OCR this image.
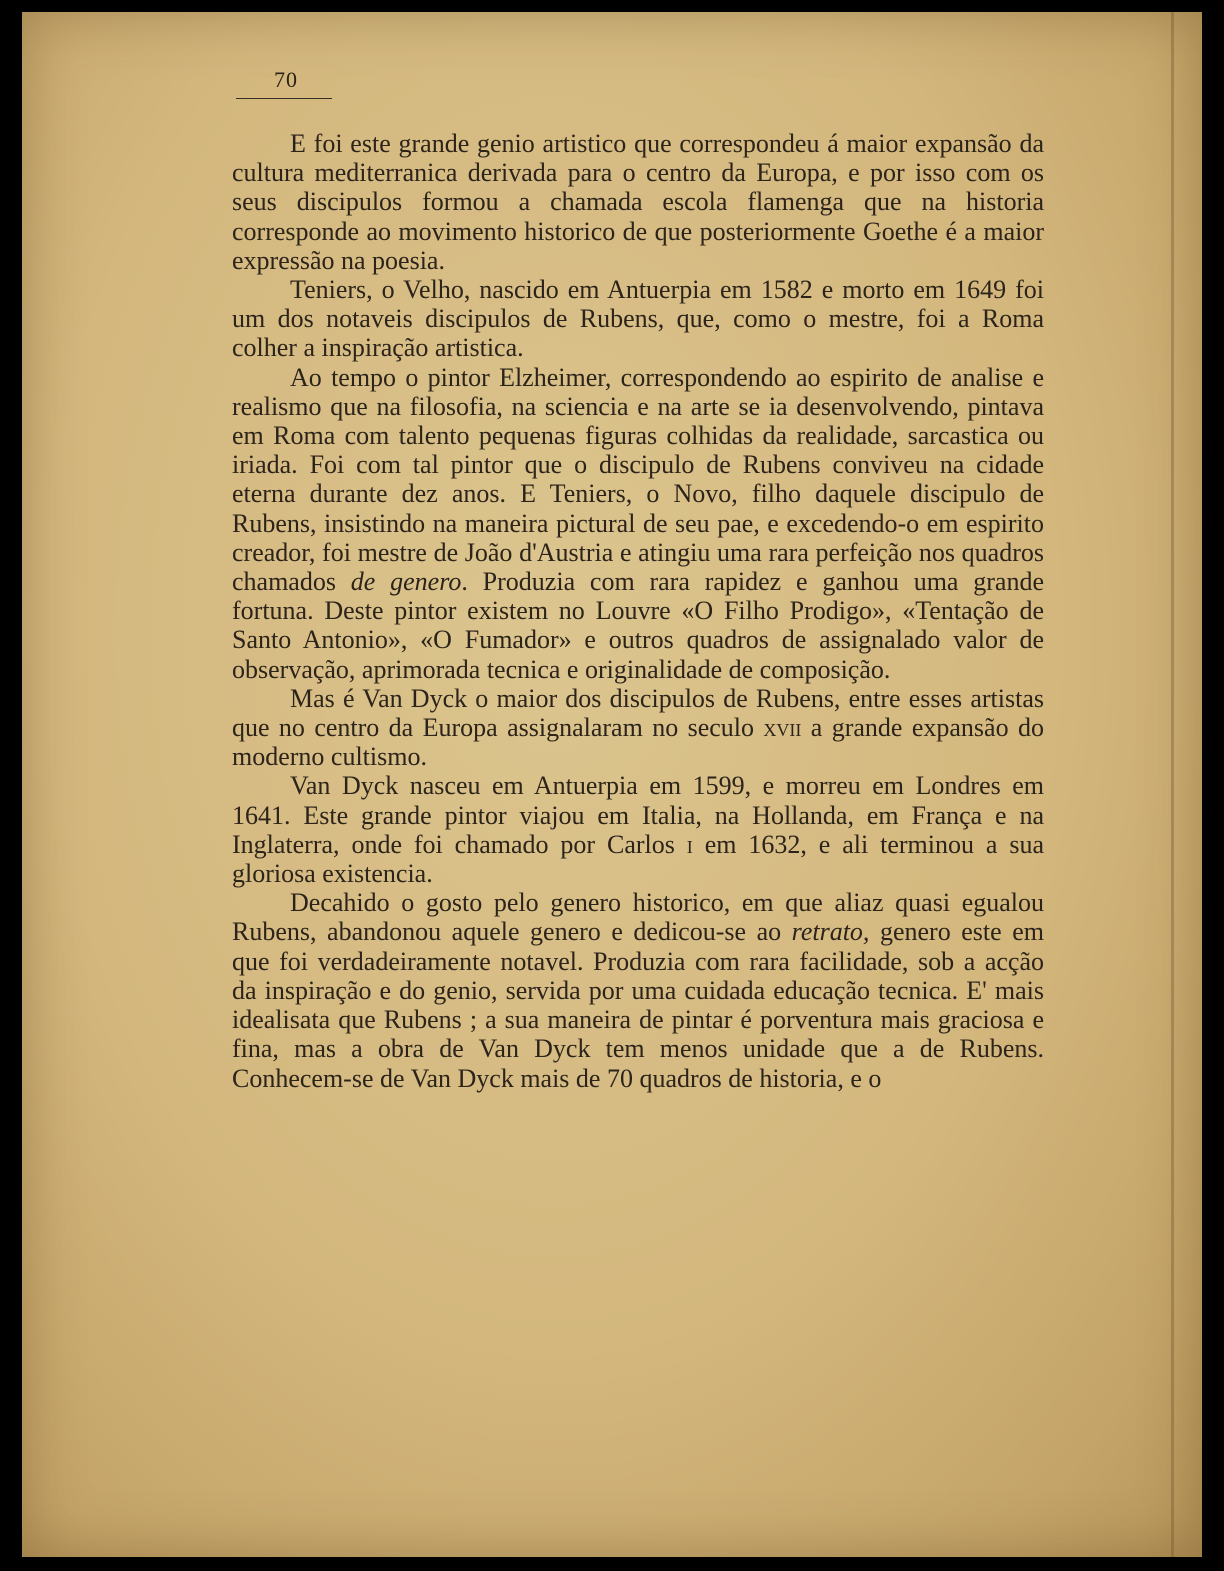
70

E foi este grande genio artistico que correspondeu á maior expansão da cultura mediterranica derivada para o centro da Europa, e por isso com os seus discipulos formou a chamada escola flamenga que na historia corresponde ao movimento historico de que posteriormente Goethe é a maior expressão na poesia.

Teniers, o Velho, nascido em Antuerpia em 1582 e morto em 1649 foi um dos notaveis discipulos de Rubens, que, como o mestre, foi a Roma colher a inspiração artistica.

Ao tempo o pintor Elzheimer, correspondendo ao espirito de analise e realismo que na filosofia, na sciencia e na arte se ia desenvolvendo, pintava em Roma com talento pequenas figuras colhidas da realidade, sarcastica ou iriada. Foi com tal pintor que o discipulo de Rubens conviveu na cidade eterna durante dez anos. E Teniers, o Novo, filho daquele discipulo de Rubens, insistindo na maneira pictural de seu pae, e excedendo-o em espirito creador, foi mestre de João d'Austria e atingiu uma rara perfeição nos quadros chamados de genero. Produzia com rara rapidez e ganhou uma grande fortuna. Deste pintor existem no Louvre «O Filho Prodigo», «Tentação de Santo Antonio», «O Fumador» e outros quadros de assignalado valor de observação, aprimorada tecnica e originalidade de composição.

Mas é Van Dyck o maior dos discipulos de Rubens, entre esses artistas que no centro da Europa assignalaram no seculo xvii a grande expansão do moderno cultismo.

Van Dyck nasceu em Antuerpia em 1599, e morreu em Londres em 1641. Este grande pintor viajou em Italia, na Hollanda, em França e na Inglaterra, onde foi chamado por Carlos i em 1632, e ali terminou a sua gloriosa existencia.

Decahido o gosto pelo genero historico, em que aliaz quasi egualou Rubens, abandonou aquele genero e dedicou-se ao retrato, genero este em que foi verdadeiramente notavel. Produzia com rara facilidade, sob a acção da inspiração e do genio, servida por uma cuidada educação tecnica. E' mais idealisata que Rubens ; a sua maneira de pintar é porventura mais graciosa e fina, mas a obra de Van Dyck tem menos unidade que a de Rubens. Conhecem-se de Van Dyck mais de 70 quadros de historia, e o
